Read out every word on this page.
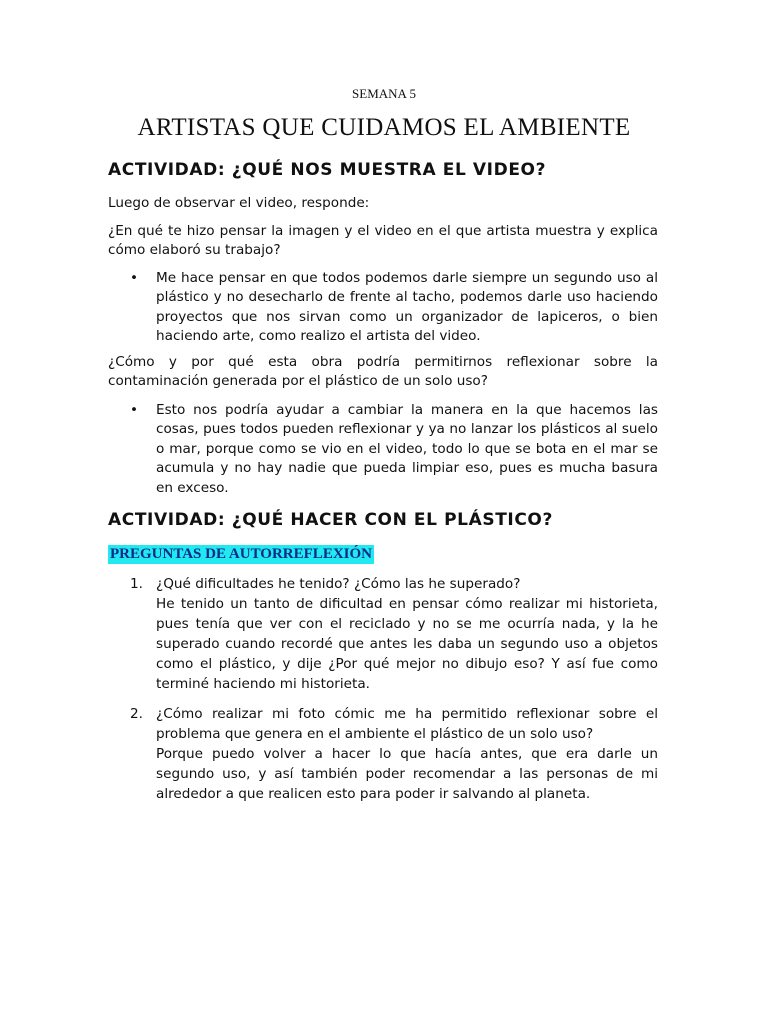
SEMANA 5
ARTISTAS QUE CUIDAMOS EL AMBIENTE
ACTIVIDAD: ¿QUÉ NOS MUESTRA EL VIDEO?
Luego de observar el video, responde:
¿En qué te hizo pensar la imagen y el video en el que artista muestra y explica cómo elaboró su trabajo?
• Me hace pensar en que todos podemos darle siempre un segundo uso al plástico y no desecharlo de frente al tacho, podemos darle uso haciendo proyectos que nos sirvan como un organizador de lapiceros, o bien haciendo arte, como realizo el artista del video.
¿Cómo y por qué esta obra podría permitirnos reflexionar sobre la contaminación generada por el plástico de un solo uso?
• Esto nos podría ayudar a cambiar la manera en la que hacemos las cosas, pues todos pueden reflexionar y ya no lanzar los plásticos al suelo o mar, porque como se vio en el video, todo lo que se bota en el mar se acumula y no hay nadie que pueda limpiar eso, pues es mucha basura en exceso.
ACTIVIDAD: ¿QUÉ HACER CON EL PLÁSTICO?
PREGUNTAS DE AUTORREFLEXIÓN
1. ¿Qué dificultades he tenido? ¿Cómo las he superado?
He tenido un tanto de dificultad en pensar cómo realizar mi historieta, pues tenía que ver con el reciclado y no se me ocurría nada, y la he superado cuando recordé que antes les daba un segundo uso a objetos como el plástico, y dije ¿Por qué mejor no dibujo eso? Y así fue como terminé haciendo mi historieta.
2. ¿Cómo realizar mi foto cómic me ha permitido reflexionar sobre el problema que genera en el ambiente el plástico de un solo uso?
Porque puedo volver a hacer lo que hacía antes, que era darle un segundo uso, y así también poder recomendar a las personas de mi alrededor a que realicen esto para poder ir salvando al planeta.
